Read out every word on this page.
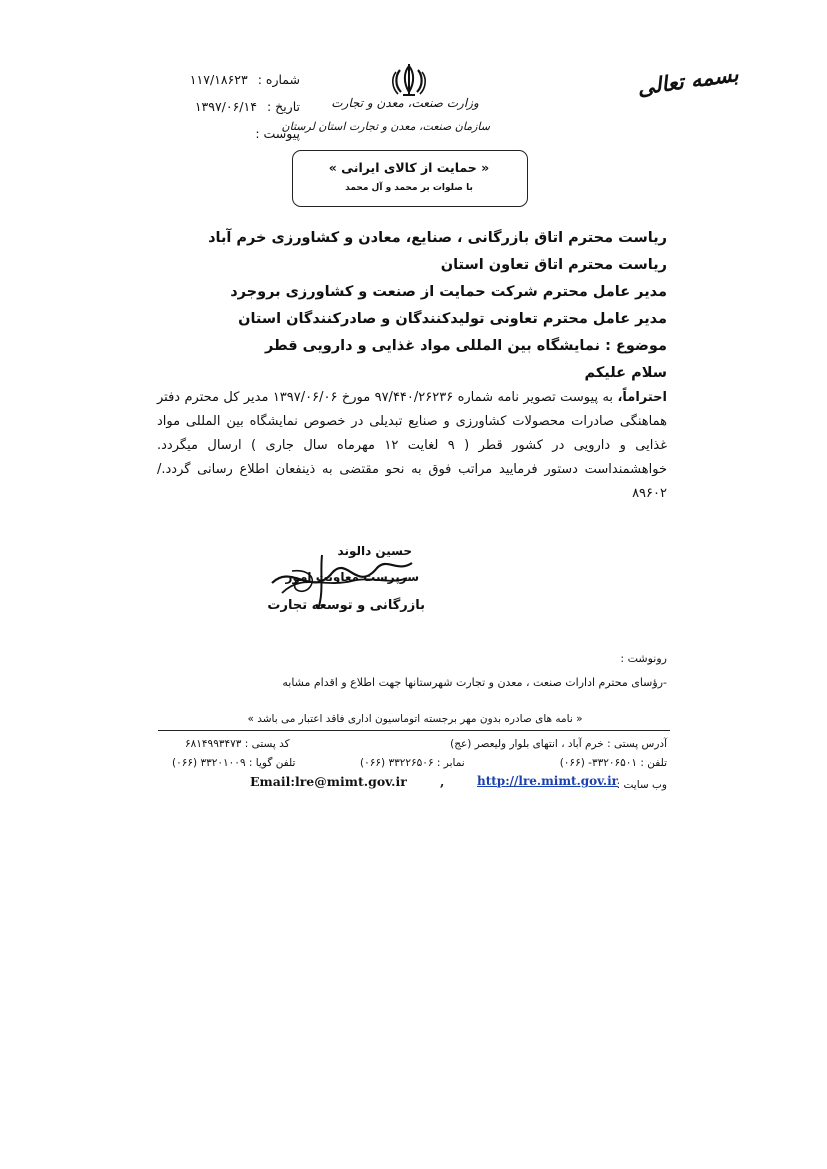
بسمه تعالی
وزارت صنعت، معدن و تجارت
سازمان صنعت، معدن و تجارت استان لرستان
شماره : ۱۱۷/۱۸۶۲۳
تاریخ : ۱۳۹۷/۰۶/۱۴
پیوست :
« حمایت از کالای ایرانی »
با صلوات بر محمد و آل محمد
ریاست محترم اتاق بازرگانی ، صنایع، معادن و کشاورزی خرم آباد
ریاست محترم اتاق تعاون استان
مدیر عامل محترم شرکت حمایت از صنعت و کشاورزی بروجرد
مدیر عامل محترم تعاونی تولیدکنندگان و صادرکنندگان استان
موضوع : نمایشگاه بین المللی مواد غذایی و دارویی قطر
سلام علیکم
احتراماً، به پیوست تصویر نامه شماره ۹۷/۴۴۰/۲۶۲۳۶ مورخ ۱۳۹۷/۰۶/۰۶ مدیر کل محترم دفتر هماهنگی صادرات محصولات کشاورزی و صنایع تبدیلی در خصوص نمایشگاه بین المللی مواد غذایی و دارویی در کشور قطر ( ۹ لغایت ۱۲ مهرماه سال جاری ) ارسال میگردد. خواهشمنداست دستور فرمایید مراتب فوق به نحو مقتضی به ذینفعان اطلاع رسانی گردد./ ۸۹۶۰۲
حسین دالوند
سرپرست معاونت امور
بازرگانی و توسعه تجارت
رونوشت :
-رؤسای محترم ادارات صنعت ، معدن و تجارت شهرستانها جهت اطلاع و اقدام مشابه
« نامه های صادره بدون مهر برجسته اتوماسیون اداری فاقد اعتبار می باشد »
آدرس پستی : خرم آباد ، انتهای بلوار ولیعصر (عج)
کد پستی : ۶۸۱۴۹۹۳۴۷۳
تلفن : ۳۳۲۰۶۵۰۱- (۰۶۶)
نمابر : ۳۳۲۲۶۵۰۶ (۰۶۶)
تلفن گویا : ۳۳۲۰۱۰۰۹ (۰۶۶)
وب سایت :
http://lre.mimt.gov.ir
,
Email:lre@mimt.gov.ir
